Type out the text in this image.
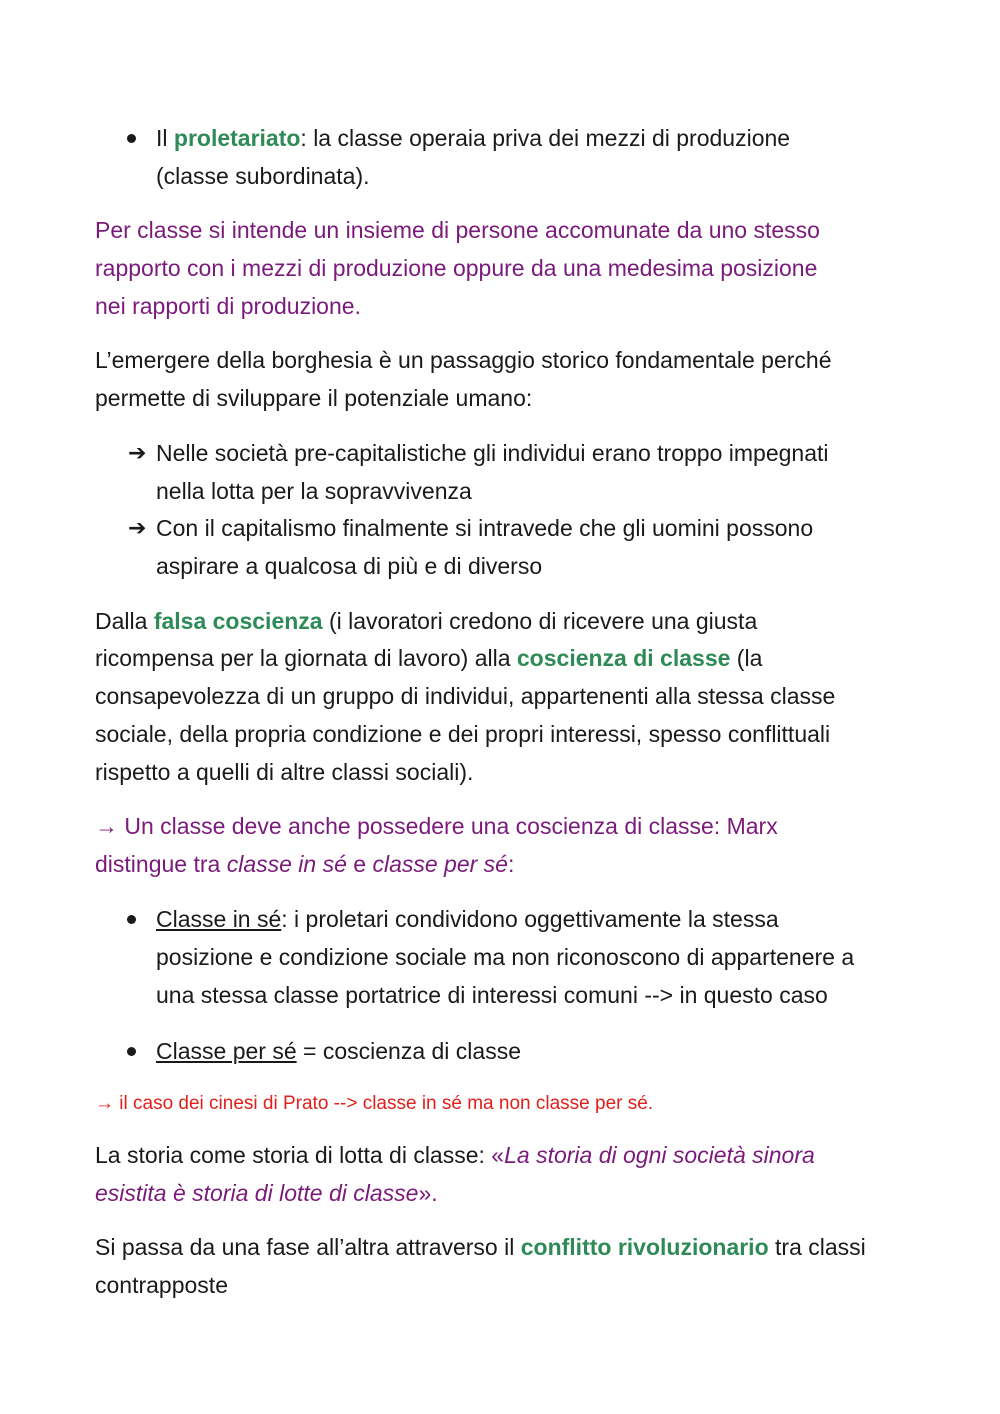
Il proletariato: la classe operaia priva dei mezzi di produzione
(classe subordinata).
Per classe si intende un insieme di persone accomunate da uno stesso
rapporto con i mezzi di produzione oppure da una medesima posizione
nei rapporti di produzione.
L’emergere della borghesia è un passaggio storico fondamentale perché
permette di sviluppare il potenziale umano:
➔ Nelle società pre-capitalistiche gli individui erano troppo impegnati
nella lotta per la sopravvivenza
➔ Con il capitalismo finalmente si intravede che gli uomini possono
aspirare a qualcosa di più e di diverso
Dalla falsa coscienza (i lavoratori credono di ricevere una giusta
ricompensa per la giornata di lavoro) alla coscienza di classe (la
consapevolezza di un gruppo di individui, appartenenti alla stessa classe
sociale, della propria condizione e dei propri interessi, spesso conflittuali
rispetto a quelli di altre classi sociali).
→ Un classe deve anche possedere una coscienza di classe: Marx
distingue tra classe in sé e classe per sé:
Classe in sé: i proletari condividono oggettivamente la stessa
posizione e condizione sociale ma non riconoscono di appartenere a
una stessa classe portatrice di interessi comuni --> in questo caso
Classe per sé = coscienza di classe
→ il caso dei cinesi di Prato --> classe in sé ma non classe per sé.
La storia come storia di lotta di classe: «La storia di ogni società sinora
esistita è storia di lotte di classe».
Si passa da una fase all’altra attraverso il conflitto rivoluzionario tra classi
contrapposte
